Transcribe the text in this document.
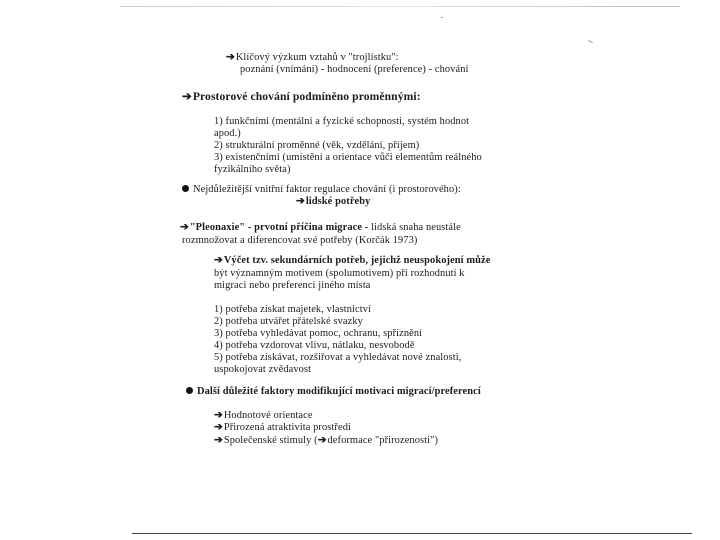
➔Klíčový výzkum vztahů v "trojlístku":
poznání (vnímání) - hodnocení (preference) - chování
➔Prostorové chování podmíněno proměnnými:
1) funkčními (mentální a fyzické schopnosti, systém hodnot
apod.)
2) strukturální proměnné (věk, vzdělání, příjem)
3) existenčními (umístění a orientace vůči elementům reálného
fyzikálního světa)
Nejdůležitější vnitřní faktor regulace chování (i prostorového):
➔lidské potřeby
➔"Pleonaxie" - prvotní příčina migrace - lidská snaha neustále
rozmnožovat a diferencovat své potřeby (Korčák 1973)
➔Výčet tzv. sekundárních potřeb, jejichž neuspokojení může
být významným motivem (spolumotivem) při rozhodnutí k
migraci nebo preferenci jiného místa
1) potřeba získat majetek, vlastnictví
2) potřeba utvářet přátelské svazky
3) potřeba vyhledávat pomoc, ochranu, spříznění
4) potřeba vzdorovat vlivu, nátlaku, nesvobodě
5) potřeba získávat, rozšiřovat a vyhledávat nové znalosti,
uspokojovat zvědavost
Další důležité faktory modifikující motivaci migrací/preferencí
➔Hodnotové orientace
➔Přirozená atraktivita prostředí
➔Společenské stimuly (➔deformace "přirozenosti")
